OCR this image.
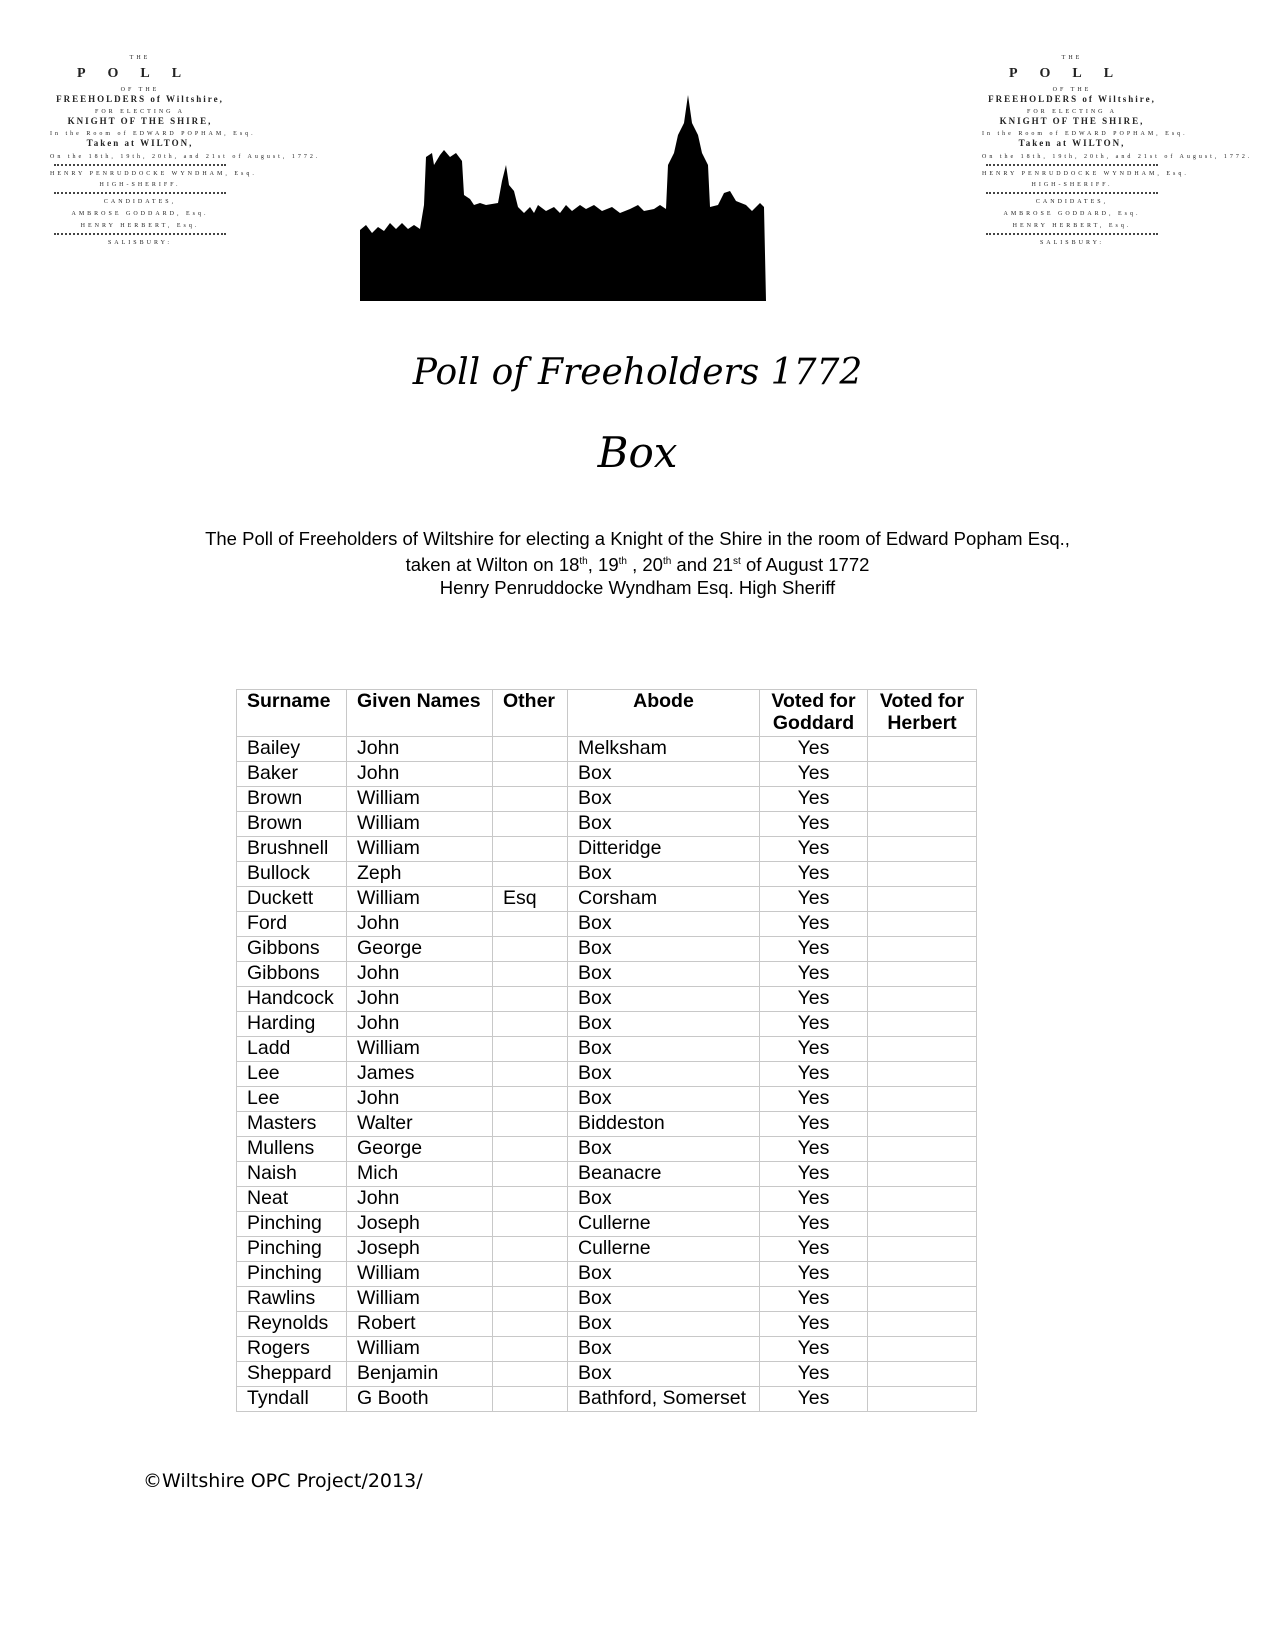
THE
POLL
OF THE
FREEHOLDERS of Wiltshire,
FOR ELECTING A
KNIGHT OF THE SHIRE,
In the Room of EDWARD POPHAM, Esq.
Taken at WILTON,
On the 18th, 19th, 20th, and 21st of August, 1772.
HENRY PENRUDDOCKE WYNDHAM, Esq.
HIGH-SHERIFF.
CANDIDATES,
AMBROSE GODDARD, Esq.
HENRY HERBERT, Esq.
SALISBURY:
THE
POLL
OF THE
FREEHOLDERS of Wiltshire,
FOR ELECTING A
KNIGHT OF THE SHIRE,
In the Room of EDWARD POPHAM, Esq.
Taken at WILTON,
On the 18th, 19th, 20th, and 21st of August, 1772.
HENRY PENRUDDOCKE WYNDHAM, Esq.
HIGH-SHERIFF.
CANDIDATES,
AMBROSE GODDARD, Esq.
HENRY HERBERT, Esq.
SALISBURY:
Poll of Freeholders 1772
Box
The Poll of Freeholders of Wiltshire for electing a Knight of the Shire in the room of Edward Popham Esq.,
taken at Wilton on 18th, 19th , 20th and 21st of August 1772
Henry Penruddocke Wyndham Esq. High Sheriff
Surname	Given Names	Other	Abode	Voted for Goddard	Voted for Herbert
Bailey	John		Melksham	Yes	
Baker	John		Box	Yes	
Brown	William		Box	Yes	
Brown	William		Box	Yes	
Brushnell	William		Ditteridge	Yes	
Bullock	Zeph		Box	Yes	
Duckett	William	Esq	Corsham	Yes	
Ford	John		Box	Yes	
Gibbons	George		Box	Yes	
Gibbons	John		Box	Yes	
Handcock	John		Box	Yes	
Harding	John		Box	Yes	
Ladd	William		Box	Yes	
Lee	James		Box	Yes	
Lee	John		Box	Yes	
Masters	Walter		Biddeston	Yes	
Mullens	George		Box	Yes	
Naish	Mich		Beanacre	Yes	
Neat	John		Box	Yes	
Pinching	Joseph		Cullerne	Yes	
Pinching	Joseph		Cullerne	Yes	
Pinching	William		Box	Yes	
Rawlins	William		Box	Yes	
Reynolds	Robert		Box	Yes	
Rogers	William		Box	Yes	
Sheppard	Benjamin		Box	Yes	
Tyndall	G Booth		Bathford, Somerset	Yes	
©Wiltshire OPC Project/2013/
